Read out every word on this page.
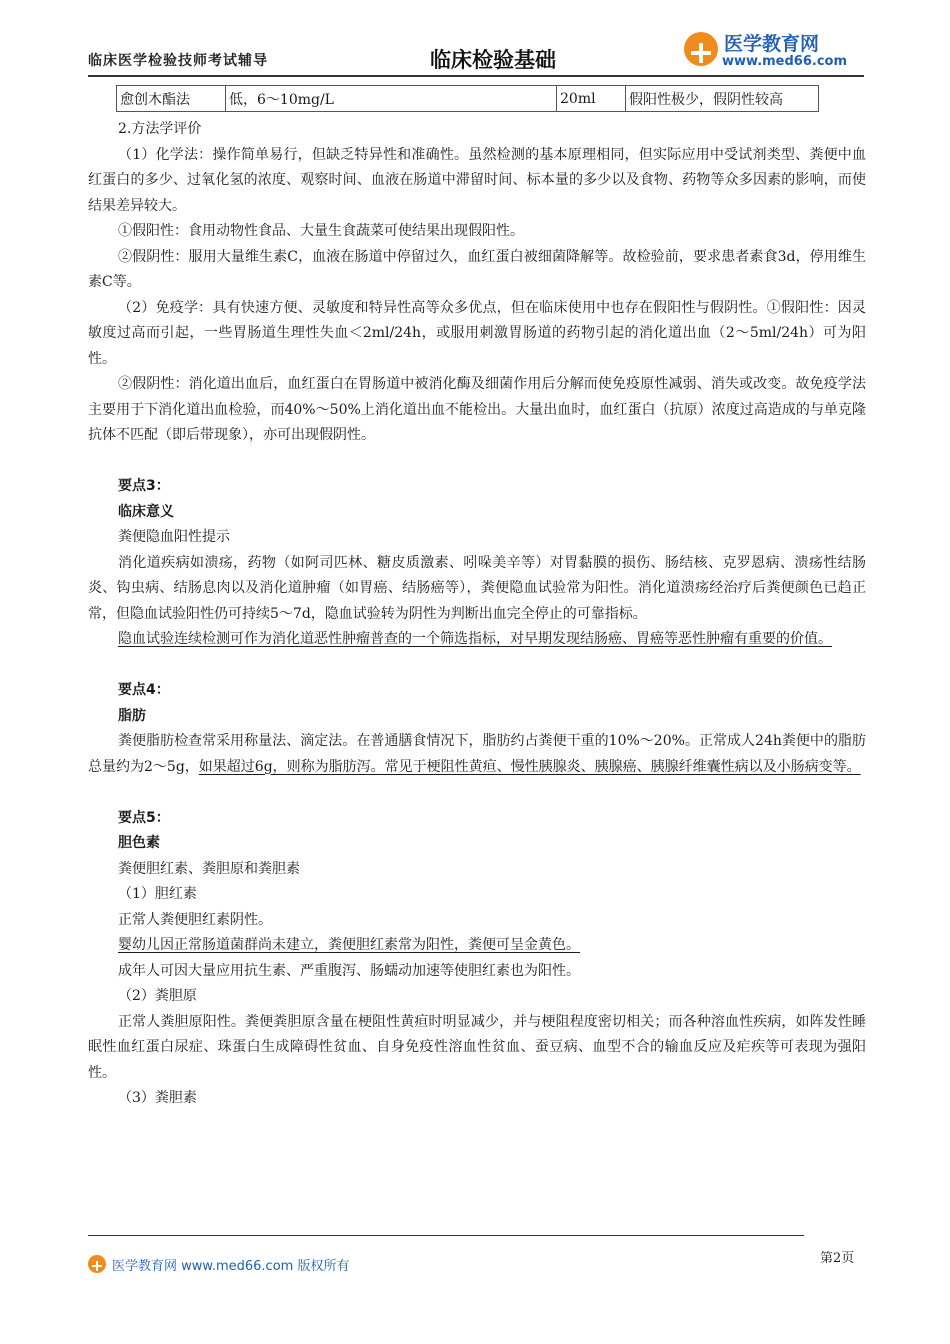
临床医学检验技师考试辅导	临床检验基础
医学教育网
www.med66.com
愈创木酯法	低，6～10mg/L	20ml	假阳性极少，假阴性较高

2.方法学评价

（1）化学法：操作简单易行，但缺乏特异性和准确性。虽然检测的基本原理相同，但实际应用中受试剂类型、粪便中血红蛋白的多少、过氧化氢的浓度、观察时间、血液在肠道中滞留时间、标本量的多少以及食物、药物等众多因素的影响，而使结果差异较大。

①假阳性：食用动物性食品、大量生食蔬菜可使结果出现假阳性。

②假阴性：服用大量维生素C，血液在肠道中停留过久，血红蛋白被细菌降解等。故检验前，要求患者素食3d，停用维生素C等。

（2）免疫学：具有快速方便、灵敏度和特异性高等众多优点，但在临床使用中也存在假阳性与假阴性。①假阳性：因灵敏度过高而引起，一些胃肠道生理性失血＜2ml/24h，或服用刺激胃肠道的药物引起的消化道出血（2～5ml/24h）可为阳性。

②假阴性：消化道出血后，血红蛋白在胃肠道中被消化酶及细菌作用后分解而使免疫原性减弱、消失或改变。故免疫学法主要用于下消化道出血检验，而40%～50%上消化道出血不能检出。大量出血时，血红蛋白（抗原）浓度过高造成的与单克隆抗体不匹配（即后带现象），亦可出现假阴性。

要点3：

临床意义

粪便隐血阳性提示

消化道疾病如溃疡，药物（如阿司匹林、糖皮质激素、吲哚美辛等）对胃黏膜的损伤、肠结核、克罗恩病、溃疡性结肠炎、钩虫病、结肠息肉以及消化道肿瘤（如胃癌、结肠癌等），粪便隐血试验常为阳性。消化道溃疡经治疗后粪便颜色已趋正常，但隐血试验阳性仍可持续5～7d，隐血试验转为阴性为判断出血完全停止的可靠指标。

隐血试验连续检测可作为消化道恶性肿瘤普查的一个筛选指标，对早期发现结肠癌、胃癌等恶性肿瘤有重要的价值。

要点4：

脂肪

粪便脂肪检查常采用称量法、滴定法。在普通膳食情况下，脂肪约占粪便干重的10%～20%。正常成人24h粪便中的脂肪总量约为2～5g，如果超过6g，则称为脂肪泻。常见于梗阻性黄疸、慢性胰腺炎、胰腺癌、胰腺纤维囊性病以及小肠病变等。

要点5：

胆色素

粪便胆红素、粪胆原和粪胆素

（1）胆红素

正常人粪便胆红素阴性。

婴幼儿因正常肠道菌群尚未建立，粪便胆红素常为阳性，粪便可呈金黄色。

成年人可因大量应用抗生素、严重腹泻、肠蠕动加速等使胆红素也为阳性。

（2）粪胆原

正常人粪胆原阳性。粪便粪胆原含量在梗阻性黄疸时明显减少，并与梗阻程度密切相关；而各种溶血性疾病，如阵发性睡眠性血红蛋白尿症、珠蛋白生成障碍性贫血、自身免疫性溶血性贫血、蚕豆病、血型不合的输血反应及疟疾等可表现为强阳性。

（3）粪胆素

医学教育网 www.med66.com 版权所有
第2页
